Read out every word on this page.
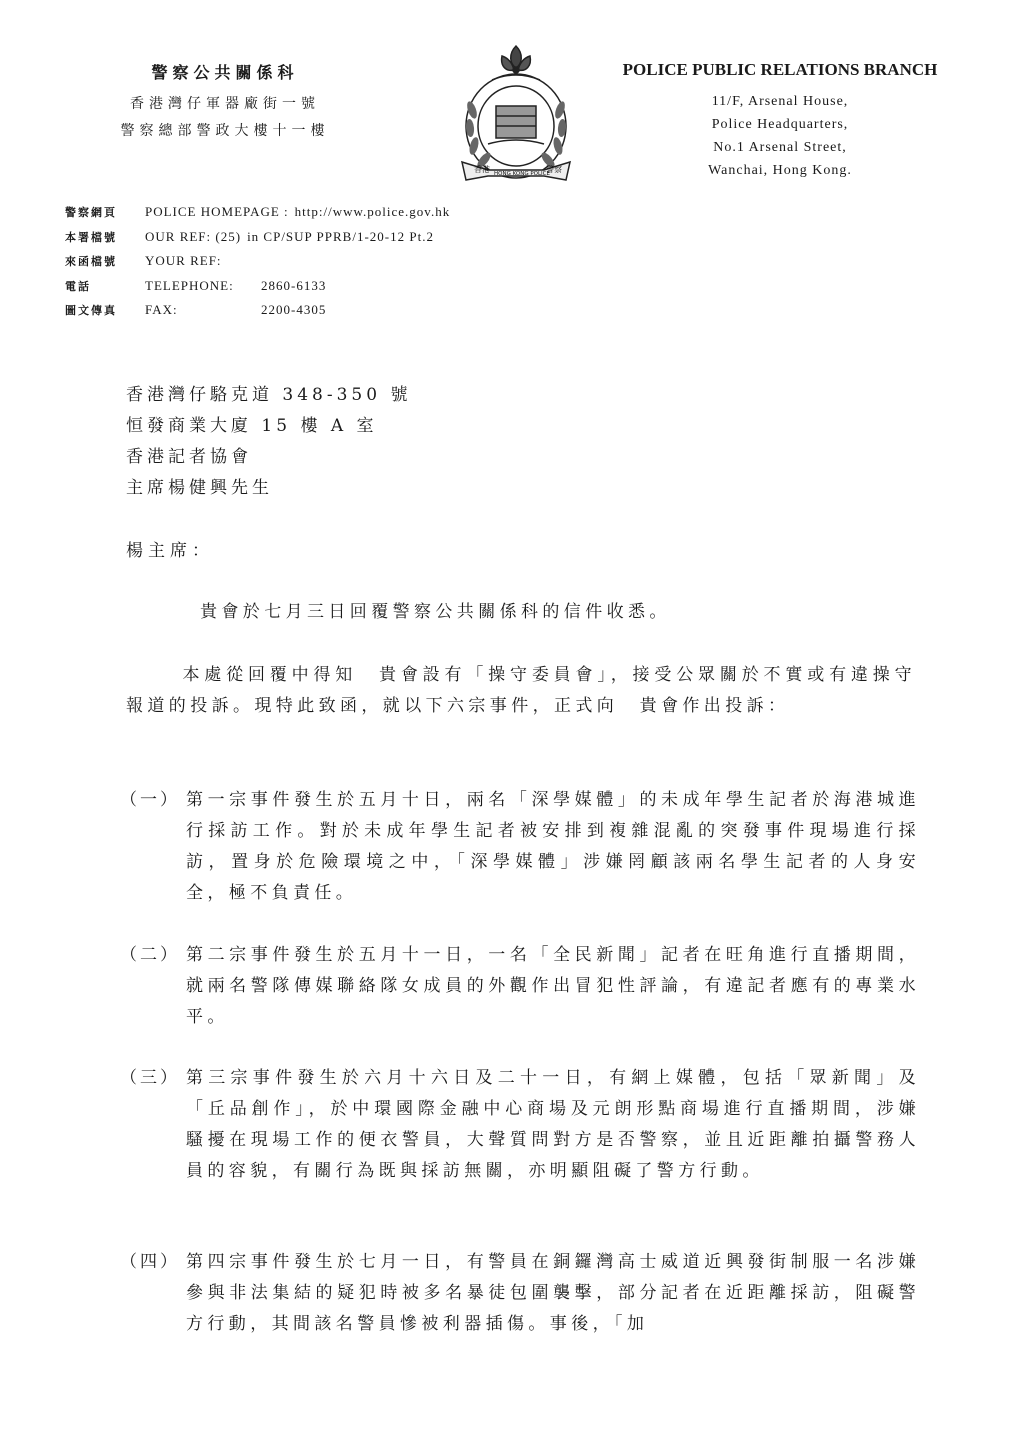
警察公共關係科
香港灣仔軍器廠街一號
警察總部警政大樓十一樓
香港 HONG KONG POLICE
警察
POLICE PUBLIC RELATIONS BRANCH
11/F, Arsenal House,
Police Headquarters,
No.1 Arsenal Street,
Wanchai, Hong Kong.
警察網頁 POLICE HOMEPAGE : http://www.police.gov.hk
本署檔號 OUR REF: (25) in CP/SUP PPRB/1-20-12 Pt.2
來函檔號 YOUR REF:
電話	TELEPHONE: 2860-6133
圖文傳真 FAX:	2200-4305
香港灣仔駱克道 348-350 號
恒發商業大廈 15 樓 A 室
香港記者協會
主席楊健興先生
楊主席：
貴會於七月三日回覆警察公共關係科的信件收悉。
本處從回覆中得知　貴會設有「操守委員會」，接受公眾關於不實或有違操守報道的投訴。現特此致函，就以下六宗事件，正式向　貴會作出投訴：
（一） 第一宗事件發生於五月十日，兩名「深學媒體」的未成年學生記者於海港城進行採訪工作。對於未成年學生記者被安排到複雜混亂的突發事件現場進行採訪，置身於危險環境之中，「深學媒體」涉嫌罔顧該兩名學生記者的人身安全，極不負責任。
（二） 第二宗事件發生於五月十一日，一名「全民新聞」記者在旺角進行直播期間，就兩名警隊傳媒聯絡隊女成員的外觀作出冒犯性評論，有違記者應有的專業水平。
（三） 第三宗事件發生於六月十六日及二十一日，有網上媒體，包括「眾新聞」及「丘品創作」，於中環國際金融中心商場及元朗形點商場進行直播期間，涉嫌騷擾在現場工作的便衣警員，大聲質問對方是否警察，並且近距離拍攝警務人員的容貌，有關行為既與採訪無關，亦明顯阻礙了警方行動。
（四） 第四宗事件發生於七月一日，有警員在銅鑼灣高士威道近興發街制服一名涉嫌參與非法集結的疑犯時被多名暴徒包圍襲擊，部分記者在近距離採訪，阻礙警方行動，其間該名警員慘被利器插傷。事後，「加
